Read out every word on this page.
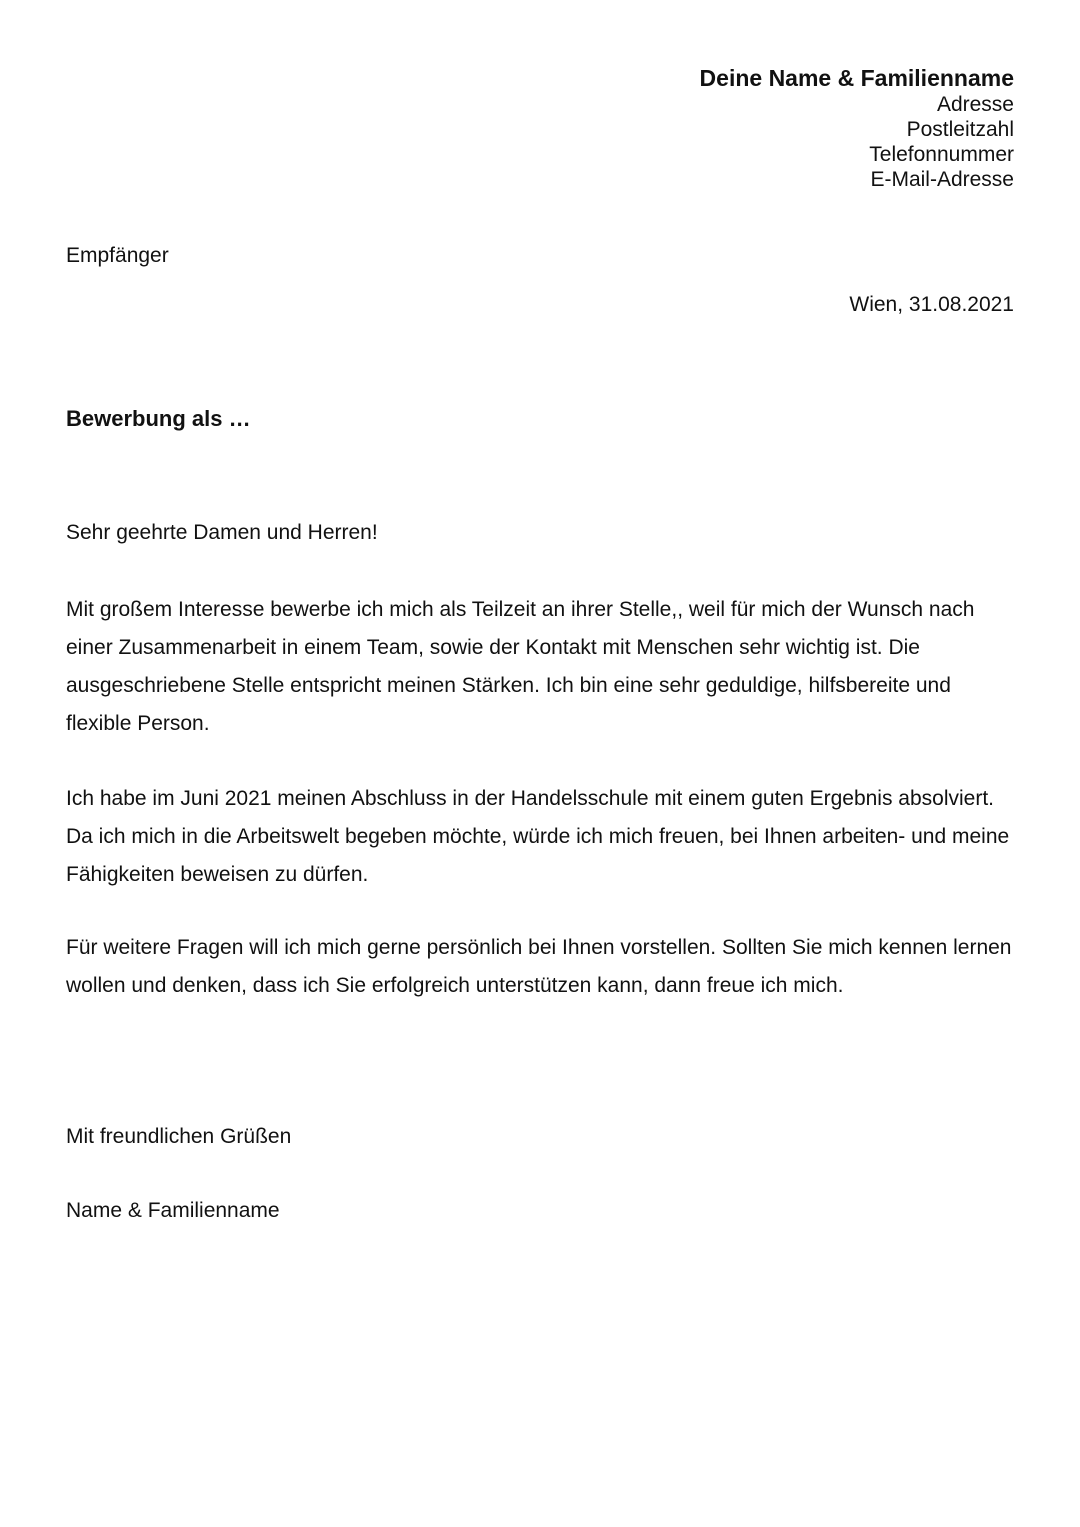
Deine Name & Familienname
Adresse
Postleitzahl
Telefonnummer
E-Mail-Adresse
Empfänger
Wien, 31.08.2021
Bewerbung als …
Sehr geehrte Damen und Herren!
Mit großem Interesse bewerbe ich mich als Teilzeit an ihrer Stelle,, weil für mich der Wunsch nach einer Zusammenarbeit in einem Team, sowie der Kontakt mit Menschen sehr wichtig ist. Die ausgeschriebene Stelle entspricht meinen Stärken. Ich bin eine sehr geduldige, hilfsbereite und flexible Person.
Ich habe im Juni 2021 meinen Abschluss in der Handelsschule mit einem guten Ergebnis absolviert. Da ich mich in die Arbeitswelt begeben möchte, würde ich mich freuen, bei Ihnen arbeiten- und meine Fähigkeiten beweisen zu dürfen.
Für weitere Fragen will ich mich gerne persönlich bei Ihnen vorstellen. Sollten Sie mich kennen lernen wollen und denken, dass ich Sie erfolgreich unterstützen kann, dann freue ich mich.
Mit freundlichen Grüßen
Name & Familienname
